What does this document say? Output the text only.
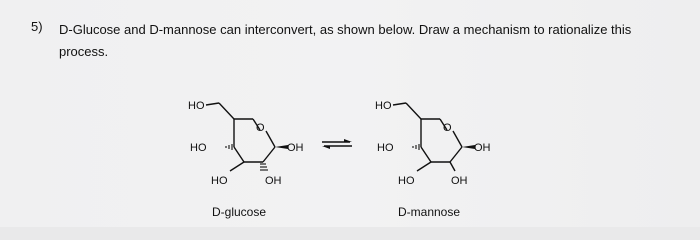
5) D-Glucose and D-mannose can interconvert, as shown below. Draw a mechanism to rationalize this process.
HO
O
OH
HO
HO	OH
D-glucose
HO
O
OH
HO
HO	OH
D-mannose
